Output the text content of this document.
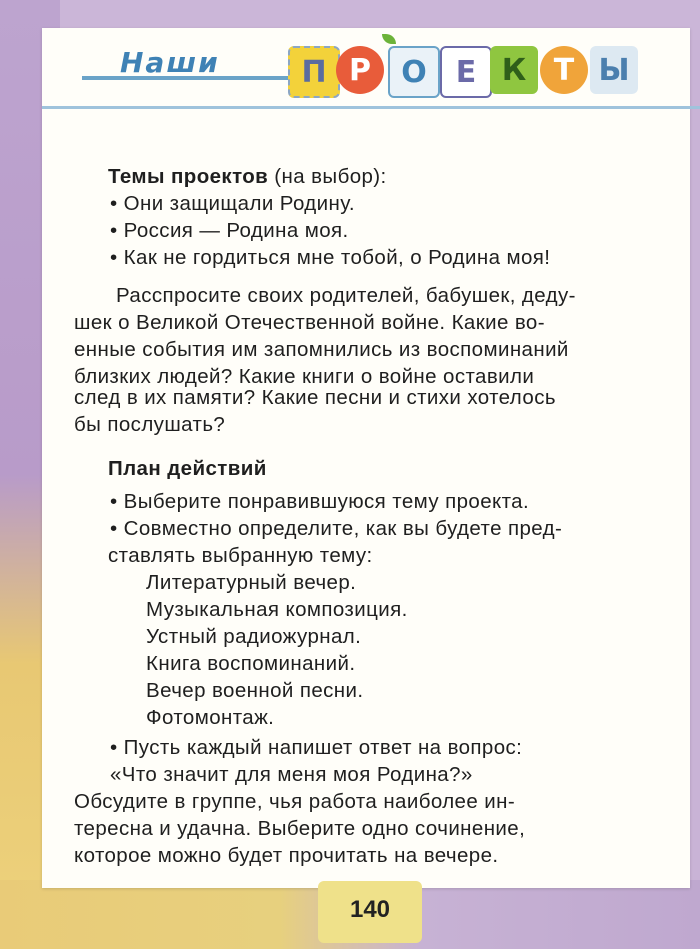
Наши	П Р	О Е К Т Ы
Темы проектов (на выбор):
• Они защищали Родину.
• Россия — Родина моя.
• Как не гордиться мне тобой, о Родина моя!
Расспросите своих родителей, бабушек, деду-
шек о Великой Отечественной войне. Какие во-
енные события им запомнились из воспоминаний
близких людей? Какие книги о войне оставили
след в их памяти? Какие песни и стихи хотелось
бы послушать?
План действий
• Выберите понравившуюся тему проекта.
• Совместно определите, как вы будете пред-
ставлять выбранную тему:
Литературный вечер.
Музыкальная композиция.
Устный радиожурнал.
Книга воспоминаний.
Вечер военной песни.
Фотомонтаж.
• Пусть каждый напишет ответ на вопрос:
«Что значит для меня моя Родина?»
Обсудите в группе, чья работа наиболее ин-
тересна и удачна. Выберите одно сочинение,
которое можно будет прочитать на вечере.
140
